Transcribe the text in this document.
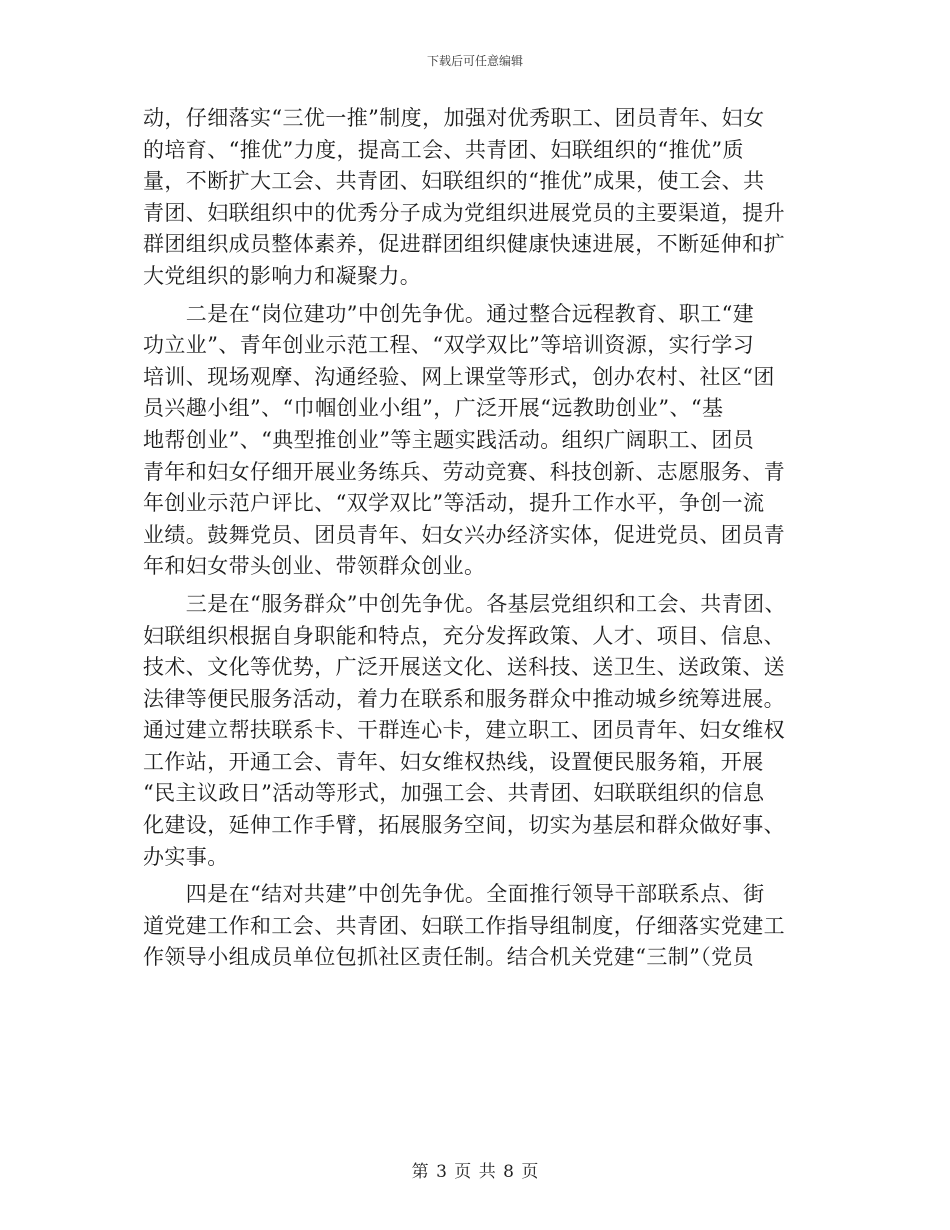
下载后可任意编辑

动，仔细落实“三优一推”制度，加强对优秀职工、团员青年、妇女
的培育、“推优”力度，提高工会、共青团、妇联组织的“推优”质
量，不断扩大工会、共青团、妇联组织的“推优”成果，使工会、共
青团、妇联组织中的优秀分子成为党组织进展党员的主要渠道，提升
群团组织成员整体素养，促进群团组织健康快速进展，不断延伸和扩
大党组织的影响力和凝聚力。

　　二是在“岗位建功”中创先争优。通过整合远程教育、职工“建
功立业”、青年创业示范工程、“双学双比”等培训资源，实行学习
培训、现场观摩、沟通经验、网上课堂等形式，创办农村、社区“团
员兴趣小组”、“巾帼创业小组”，广泛开展“远教助创业”、“基
地帮创业”、“典型推创业”等主题实践活动。组织广阔职工、团员
青年和妇女仔细开展业务练兵、劳动竞赛、科技创新、志愿服务、青
年创业示范户评比、“双学双比”等活动，提升工作水平，争创一流
业绩。鼓舞党员、团员青年、妇女兴办经济实体，促进党员、团员青
年和妇女带头创业、带领群众创业。

　　三是在“服务群众”中创先争优。各基层党组织和工会、共青团、
妇联组织根据自身职能和特点，充分发挥政策、人才、项目、信息、
技术、文化等优势，广泛开展送文化、送科技、送卫生、送政策、送
法律等便民服务活动，着力在联系和服务群众中推动城乡统筹进展。
通过建立帮扶联系卡、干群连心卡，建立职工、团员青年、妇女维权
工作站，开通工会、青年、妇女维权热线，设置便民服务箱，开展
“民主议政日”活动等形式，加强工会、共青团、妇联联组织的信息
化建设，延伸工作手臂，拓展服务空间，切实为基层和群众做好事、
办实事。

　　四是在“结对共建”中创先争优。全面推行领导干部联系点、街
道党建工作和工会、共青团、妇联工作指导组制度，仔细落实党建工
作领导小组成员单位包抓社区责任制。结合机关党建“三制”（党员

第 3 页 共 8 页
